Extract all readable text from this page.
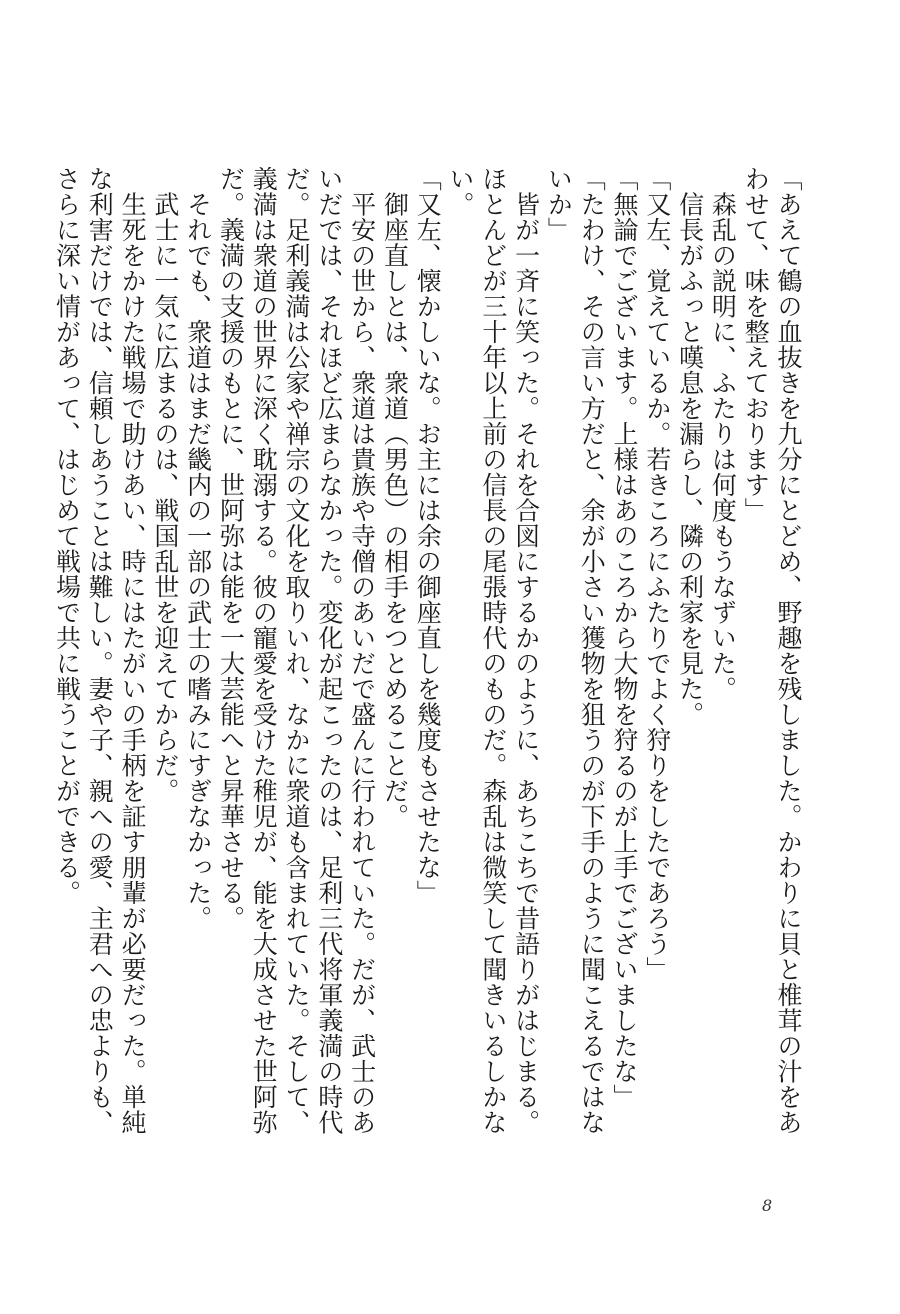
「あえて鶴の血抜きを九分にとどめ、野趣を残しました。かわりに貝と椎茸の汁をあわせて、味を整えております」

　森乱の説明に、ふたりは何度もうなずいた。

　信長がふっと嘆息を漏らし、隣の利家を見た。

「又左、覚えているか。若きころにふたりでよく狩りをしたであろう」

「無論でございます。上様はあのころから大物を狩るのが上手でございましたな」

「たわけ、その言い方だと、余が小さい獲物を狙うのが下手のように聞こえるではないか」

　皆が一斉に笑った。それを合図にするかのように、あちこちで昔語りがはじまる。ほとんどが三十年以上前の信長の尾張時代のものだ。森乱は微笑して聞きいるしかない。

「又左、懐かしいな。お主には余の御座直しを幾度もさせたな」

　御座直しとは、衆道（男色）の相手をつとめることだ。

　平安の世から、衆道は貴族や寺僧のあいだで盛んに行われていた。だが、武士のあいだでは、それほど広まらなかった。変化が起こったのは、足利三代将軍義満の時代だ。足利義満は公家や禅宗の文化を取りいれ、なかに衆道も含まれていた。そして、義満は衆道の世界に深く耽溺する。彼の寵愛を受けた稚児が、能を大成させた世阿弥だ。義満の支援のもとに、世阿弥は能を一大芸能へと昇華させる。

　それでも、衆道はまだ畿内の一部の武士の嗜みにすぎなかった。

　武士に一気に広まるのは、戦国乱世を迎えてからだ。

　生死をかけた戦場で助けあい、時にはたがいの手柄を証す朋輩が必要だった。単純な利害だけでは、信頼しあうことは難しい。妻や子、親への愛、主君への忠よりも、さらに深い情があって、はじめて戦場で共に戦うことができる。

8
